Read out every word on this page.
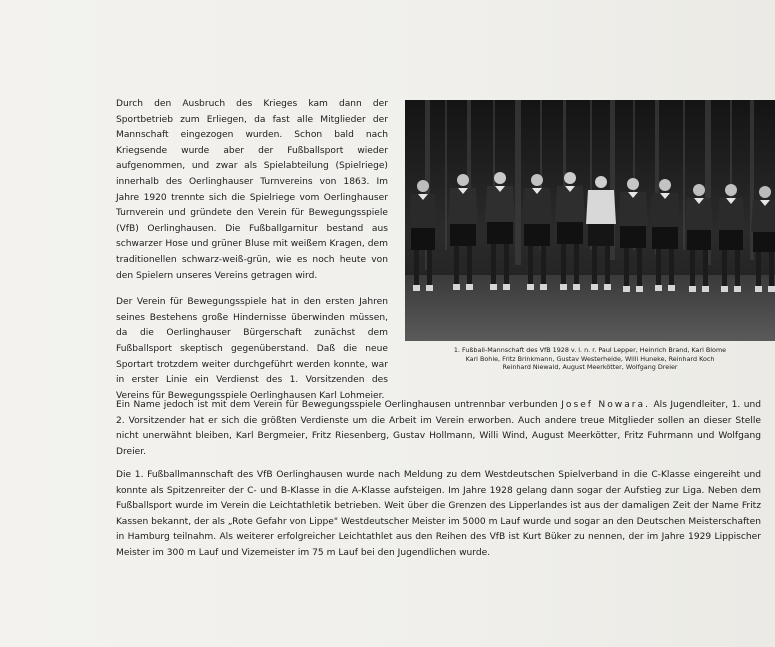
Durch den Ausbruch des Krieges kam dann der Sportbetrieb zum Erliegen, da fast alle Mitglieder der Mannschaft eingezogen wurden. Schon bald nach Kriegsende wurde aber der Fußballsport wieder aufgenommen, und zwar als Spielabteilung (Spielriege) innerhalb des Oerlinghauser Turnvereins von 1863. Im Jahre 1920 trennte sich die Spielriege vom Oerlinghauser Turnverein und gründete den Verein für Bewegungsspiele (VfB) Oerlinghausen. Die Fußballgarnitur bestand aus schwarzer Hose und grüner Bluse mit weißem Kragen, dem traditionellen schwarz-weiß-grün, wie es noch heute von den Spielern unseres Vereins getragen wird.

Der Verein für Bewegungsspiele hat in den ersten Jahren seines Bestehens große Hindernisse überwinden müssen, da die Oerlinghauser Bürgerschaft zunächst dem Fußballsport skeptisch gegenüberstand. Daß die neue Sportart trotzdem weiter durchgeführt werden konnte, war in erster Linie ein Verdienst des 1. Vorsitzenden des Vereins für Bewegungsspiele Oerlinghausen Karl Lohmeier.

1. Fußball-Mannschaft des VfB 1928 v. l. n. r. Paul Lepper, Heinrich Brand, Karl Blome
Karl Bohle, Fritz Brinkmann, Gustav Westerheide, Willi Huneke, Reinhard Koch
Reinhard Niewald, August Meerkötter, Wolfgang Dreier

Ein Name jedoch ist mit dem Verein für Bewegungsspiele Oerlinghausen untrennbar verbunden Josef Nowara. Als Jugendleiter, 1. und 2. Vorsitzender hat er sich die größten Verdienste um die Arbeit im Verein erworben. Auch andere treue Mitglieder sollen an dieser Stelle nicht unerwähnt bleiben, Karl Bergmeier, Fritz Riesenberg, Gustav Hollmann, Willi Wind, August Meerkötter, Fritz Fuhrmann und Wolfgang Dreier.

Die 1. Fußballmannschaft des VfB Oerlinghausen wurde nach Meldung zu dem Westdeutschen Spielverband in die C-Klasse eingereiht und konnte als Spitzenreiter der C- und B-Klasse in die A-Klasse aufsteigen. Im Jahre 1928 gelang dann sogar der Aufstieg zur Liga. Neben dem Fußballsport wurde im Verein die Leichtathletik betrieben. Weit über die Grenzen des Lipperlandes ist aus der damaligen Zeit der Name Fritz Kassen bekannt, der als „Rote Gefahr von Lippe" Westdeutscher Meister im 5000 m Lauf wurde und sogar an den Deutschen Meisterschaften in Hamburg teilnahm. Als weiterer erfolgreicher Leichtathlet aus den Reihen des VfB ist Kurt Büker zu nennen, der im Jahre 1929 Lippischer Meister im 300 m Lauf und Vizemeister im 75 m Lauf bei den Jugendlichen wurde.
